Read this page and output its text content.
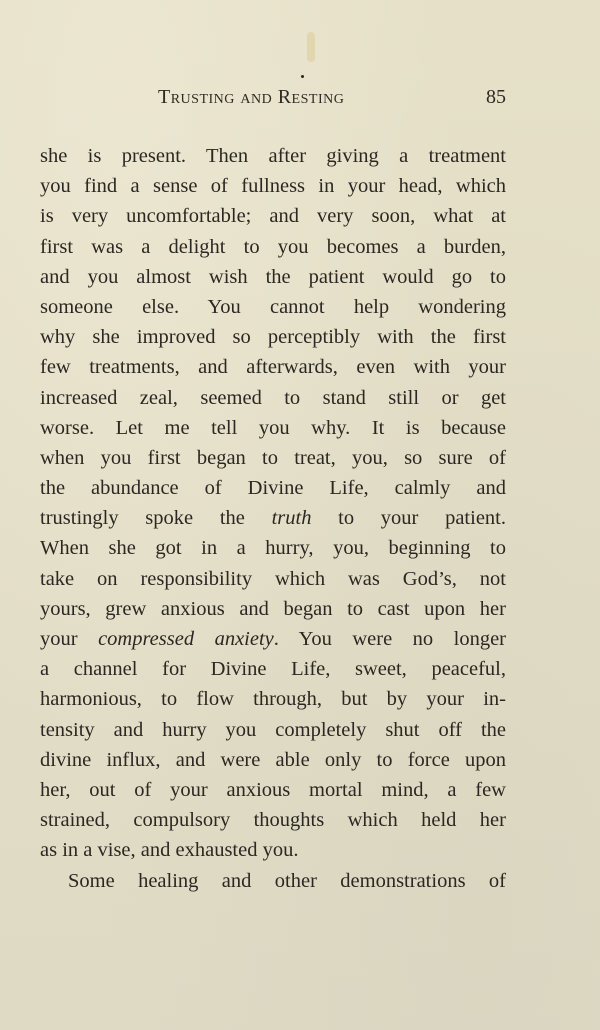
Trusting and Resting	85
she is present. Then after giving a treatment
you find a sense of fullness in your head, which
is very uncomfortable; and very soon, what at
first was a delight to you becomes a burden,
and you almost wish the patient would go to
someone else. You cannot help wondering
why she improved so perceptibly with the first
few treatments, and afterwards, even with your
increased zeal, seemed to stand still or get
worse. Let me tell you why. It is because
when you first began to treat, you, so sure of
the abundance of Divine Life, calmly and
trustingly spoke the truth to your patient.
When she got in a hurry, you, beginning to
take on responsibility which was God’s, not
yours, grew anxious and began to cast upon her
your compressed anxiety. You were no longer
a channel for Divine Life, sweet, peaceful,
harmonious, to flow through, but by your in-
tensity and hurry you completely shut off the
divine influx, and were able only to force upon
her, out of your anxious mortal mind, a few
strained, compulsory thoughts which held her
as in a vise, and exhausted you.
Some healing and other demonstrations of
